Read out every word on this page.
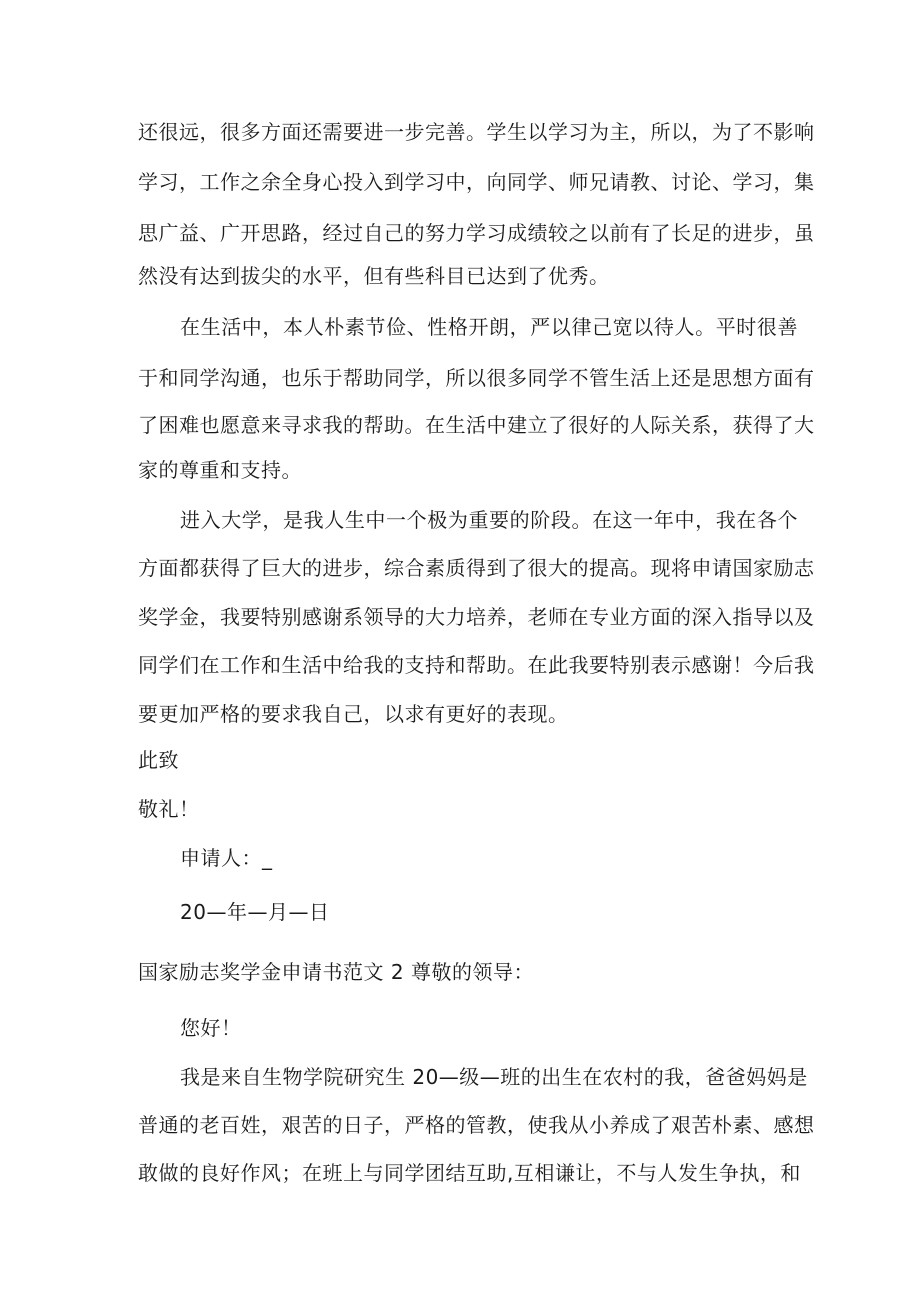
还很远，很多方面还需要进一步完善。学生以学习为主，所以，为了不影响
学习，工作之余全身心投入到学习中，向同学、师兄请教、讨论、学习，集
思广益、广开思路，经过自己的努力学习成绩较之以前有了长足的进步，虽
然没有达到拔尖的水平，但有些科目已达到了优秀。
在生活中，本人朴素节俭、性格开朗，严以律己宽以待人。平时很善
于和同学沟通，也乐于帮助同学，所以很多同学不管生活上还是思想方面有
了困难也愿意来寻求我的帮助。在生活中建立了很好的人际关系，获得了大
家的尊重和支持。
进入大学，是我人生中一个极为重要的阶段。在这一年中，我在各个
方面都获得了巨大的进步，综合素质得到了很大的提高。现将申请国家励志
奖学金，我要特别感谢系领导的大力培养，老师在专业方面的深入指导以及
同学们在工作和生活中给我的支持和帮助。在此我要特别表示感谢！今后我
要更加严格的要求我自己，以求有更好的表现。
此致
敬礼！
申请人：_
20—年—月—日
国家励志奖学金申请书范文 2 尊敬的领导：
您好！
我是来自生物学院研究生 20—级—班的出生在农村的我，爸爸妈妈是
普通的老百姓，艰苦的日子，严格的管教，使我从小养成了艰苦朴素、感想
敢做的良好作风；在班上与同学团结互助,互相谦让，不与人发生争执，和
